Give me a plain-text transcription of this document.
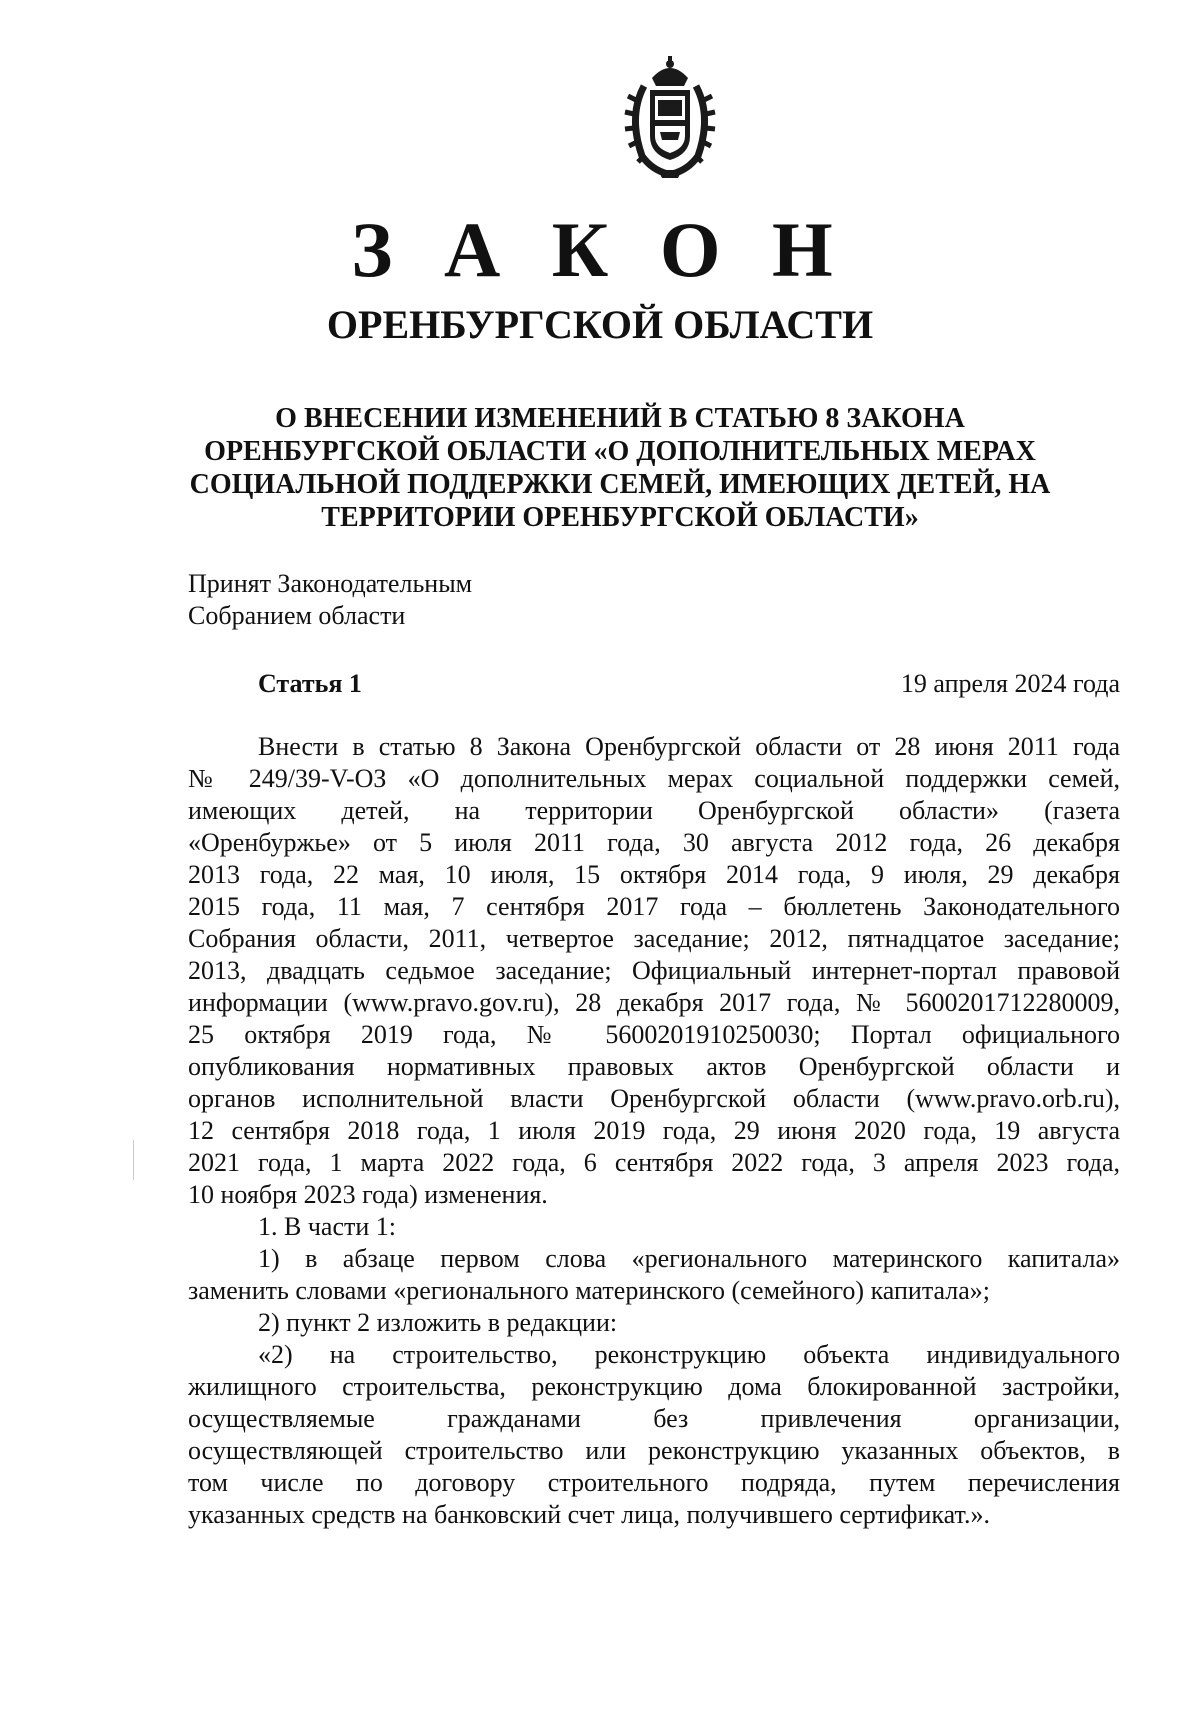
З А К О Н
ОРЕНБУРГСКОЙ ОБЛАСТИ
О ВНЕСЕНИИ ИЗМЕНЕНИЙ В СТАТЬЮ 8 ЗАКОНА
ОРЕНБУРГСКОЙ ОБЛАСТИ «О ДОПОЛНИТЕЛЬНЫХ МЕРАХ
СОЦИАЛЬНОЙ ПОДДЕРЖКИ СЕМЕЙ, ИМЕЮЩИХ ДЕТЕЙ, НА
ТЕРРИТОРИИ ОРЕНБУРГСКОЙ ОБЛАСТИ»
Принят Законодательным
Собранием области
Статья 1	19 апреля 2024 года
Внести в статью 8 Закона Оренбургской области от 28 июня 2011 года
№ 249/39-V-ОЗ «О дополнительных мерах социальной поддержки семей,
имеющих детей, на территории Оренбургской области» (газета
«Оренбуржье» от 5 июля 2011 года, 30 августа 2012 года, 26 декабря
2013 года, 22 мая, 10 июля, 15 октября 2014 года, 9 июля, 29 декабря
2015 года, 11 мая, 7 сентября 2017 года – бюллетень Законодательного
Собрания области, 2011, четвертое заседание; 2012, пятнадцатое заседание;
2013, двадцать седьмое заседание; Официальный интернет-портал правовой
информации (www.pravo.gov.ru), 28 декабря 2017 года, № 5600201712280009,
25 октября 2019 года, № 5600201910250030; Портал официального
опубликования нормативных правовых актов Оренбургской области и
органов исполнительной власти Оренбургской области (www.pravo.orb.ru),
12 сентября 2018 года, 1 июля 2019 года, 29 июня 2020 года, 19 августа
2021 года, 1 марта 2022 года, 6 сентября 2022 года, 3 апреля 2023 года,
10 ноября 2023 года) изменения.
1. В части 1:
1) в абзаце первом слова «регионального материнского капитала»
заменить словами «регионального материнского (семейного) капитала»;
2) пункт 2 изложить в редакции:
«2) на строительство, реконструкцию объекта индивидуального
жилищного строительства, реконструкцию дома блокированной застройки,
осуществляемые гражданами без привлечения организации,
осуществляющей строительство или реконструкцию указанных объектов, в
том числе по договору строительного подряда, путем перечисления
указанных средств на банковский счет лица, получившего сертификат.».
